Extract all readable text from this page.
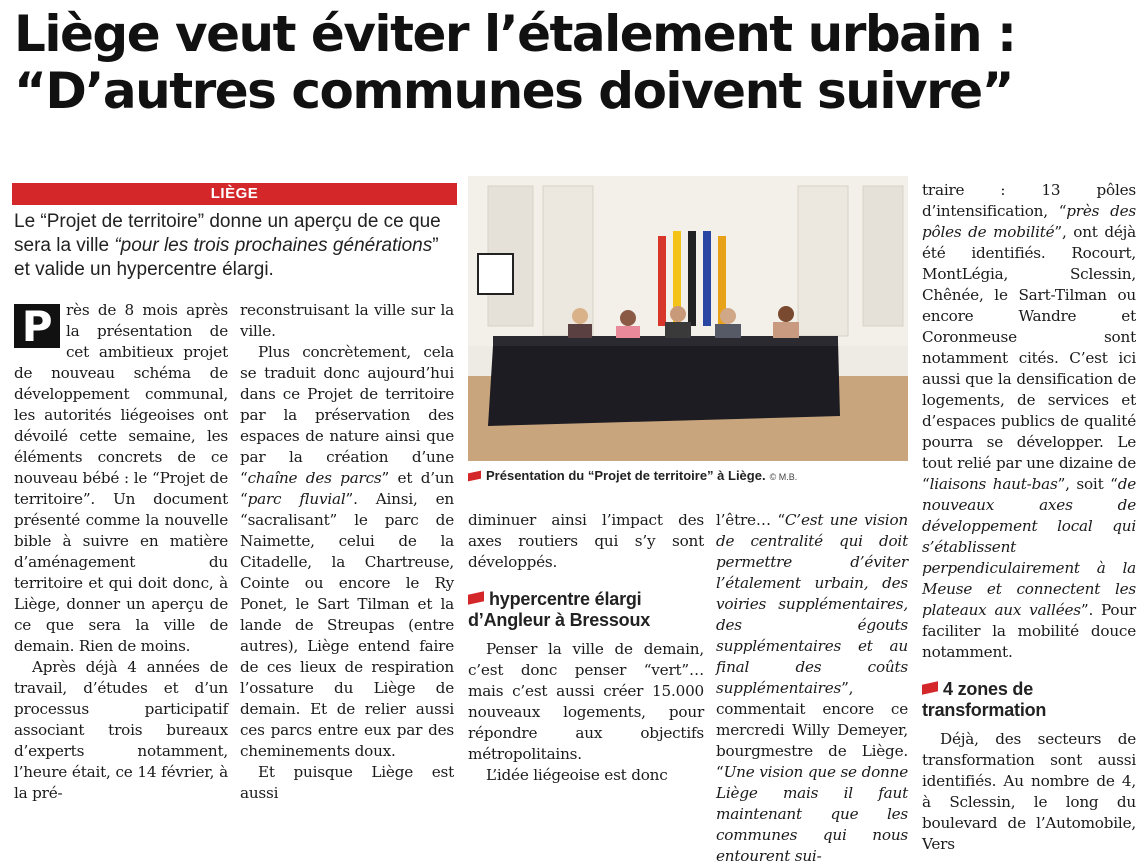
Liège veut éviter l’étalement urbain :
“D’autres communes doivent suivre”
LIÈGE

Le “Projet de territoire” donne un aperçu de ce que sera la ville “pour les trois prochaines générations” et valide un hypercentre élargi.

P rès de 8 mois après la présentation de cet ambitieux projet de nouveau schéma de développement communal, les autorités liégeoises ont dévoilé cette semaine, les éléments concrets de ce nouveau bébé : le “Projet de territoire”. Un document présenté comme la nouvelle bible à suivre en matière d’aménagement du territoire et qui doit donc, à Liège, donner un aperçu de ce que sera la ville de demain. Rien de moins.

Après déjà 4 années de travail, d’études et d’un processus participatif associant trois bureaux d’experts notamment, l’heure était, ce 14 février, à la pré-

reconstruisant la ville sur la ville.

Plus concrètement, cela se traduit donc aujourd’hui dans ce Projet de territoire par la préservation des espaces de nature ainsi que par la création d’une “chaîne des parcs” et d’un “parc fluvial”. Ainsi, en “sacralisant” le parc de Naimette, celui de la Citadelle, la Chartreuse, Cointe ou encore le Ry Ponet, le Sart Tilman et la lande de Streupas (entre autres), Liège entend faire de ces lieux de respiration l’ossature du Liège de demain. Et de relier aussi ces parcs entre eux par des cheminements doux.

Et puisque Liège est aussi

Présentation du “Projet de territoire” à Liège. © M.B.

diminuer ainsi l’impact des axes routiers qui s’y sont développés.

hypercentre élargi d’Angleur à Bressoux

Penser la ville de demain, c’est donc penser “vert”… mais c’est aussi créer 15.000 nouveaux logements, pour répondre aux objectifs métropolitains.

L’idée liégeoise est donc

l’être… “C’est une vision de centralité qui doit permettre d’éviter l’étalement urbain, des voiries supplémentaires, des égouts supplémentaires et au final des coûts supplémentaires”, commentait encore ce mercredi Willy Demeyer, bourgmestre de Liège. “Une vision que se donne Liège mais il faut maintenant que les communes qui nous entourent sui-

traire : 13 pôles d’intensification, “près des pôles de mobilité”, ont déjà été identifiés. Rocourt, MontLégia, Sclessin, Chênée, le Sart-Tilman ou encore Wandre et Coronmeuse sont notamment cités. C’est ici aussi que la densification de logements, de services et d’espaces publics de qualité pourra se développer. Le tout relié par une dizaine de “liaisons haut-bas”, soit “de nouveaux axes de développement local qui s’établissent perpendiculairement à la Meuse et connectent les plateaux aux vallées”. Pour faciliter la mobilité douce notamment.

4 zones de transformation

Déjà, des secteurs de transformation sont aussi identifiés. Au nombre de 4, à Sclessin, le long du boulevard de l’Automobile, Vers
